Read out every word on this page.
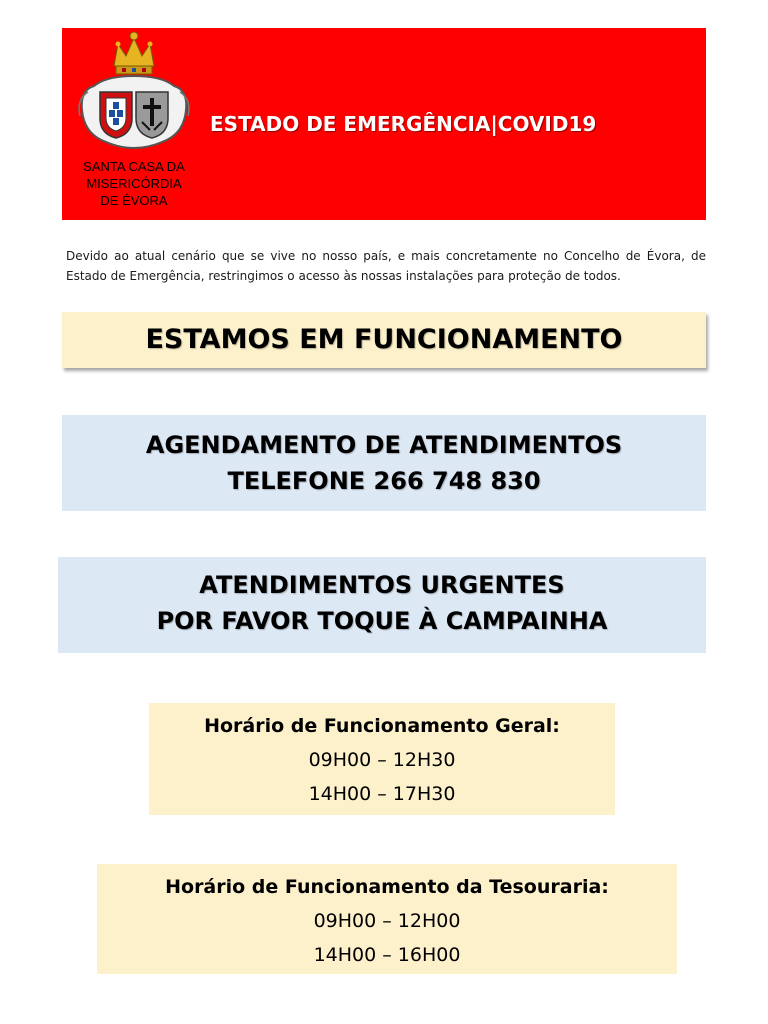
SANTA CASA DA
MISERICÓRDIA
DE ÉVORA
ESTADO DE EMERGÊNCIA|COVID19
Devido ao atual cenário que se vive no nosso país, e mais concretamente no Concelho de Évora, de Estado de Emergência, restringimos o acesso às nossas instalações para proteção de todos.
ESTAMOS EM FUNCIONAMENTO
AGENDAMENTO DE ATENDIMENTOS
TELEFONE 266 748 830
ATENDIMENTOS URGENTES
POR FAVOR TOQUE À CAMPAINHA
Horário de Funcionamento Geral:
09H00 – 12H30
14H00 – 17H30
Horário de Funcionamento da Tesouraria:
09H00 – 12H00
14H00 – 16H00
